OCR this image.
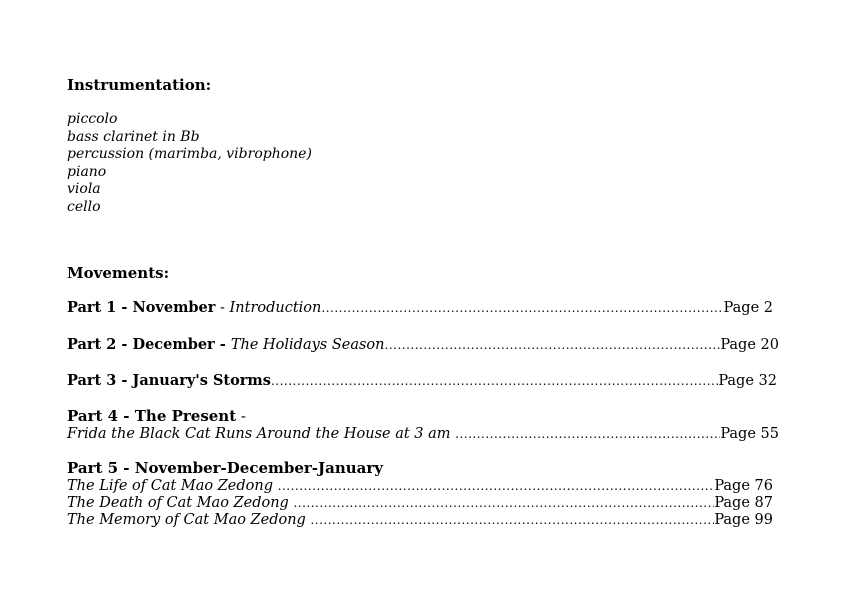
Instrumentation:
piccolo
bass clarinet in Bb
percussion (marimba, vibrophone)
piano
viola
cello
Movements:
Part 1 - November - Introduction .....	Page 2
Part 2 - December - The Holidays Season .....	Page 20
Part 3 - January's Storms .....	Page 32
Part 4 - The Present -
Frida the Black Cat Runs Around the House at 3 am .....	Page 55
Part 5 - November-December-January
The Life of Cat Mao Zedong .....	Page 76
The Death of Cat Mao Zedong .....	Page 87
The Memory of Cat Mao Zedong .....	Page 99
